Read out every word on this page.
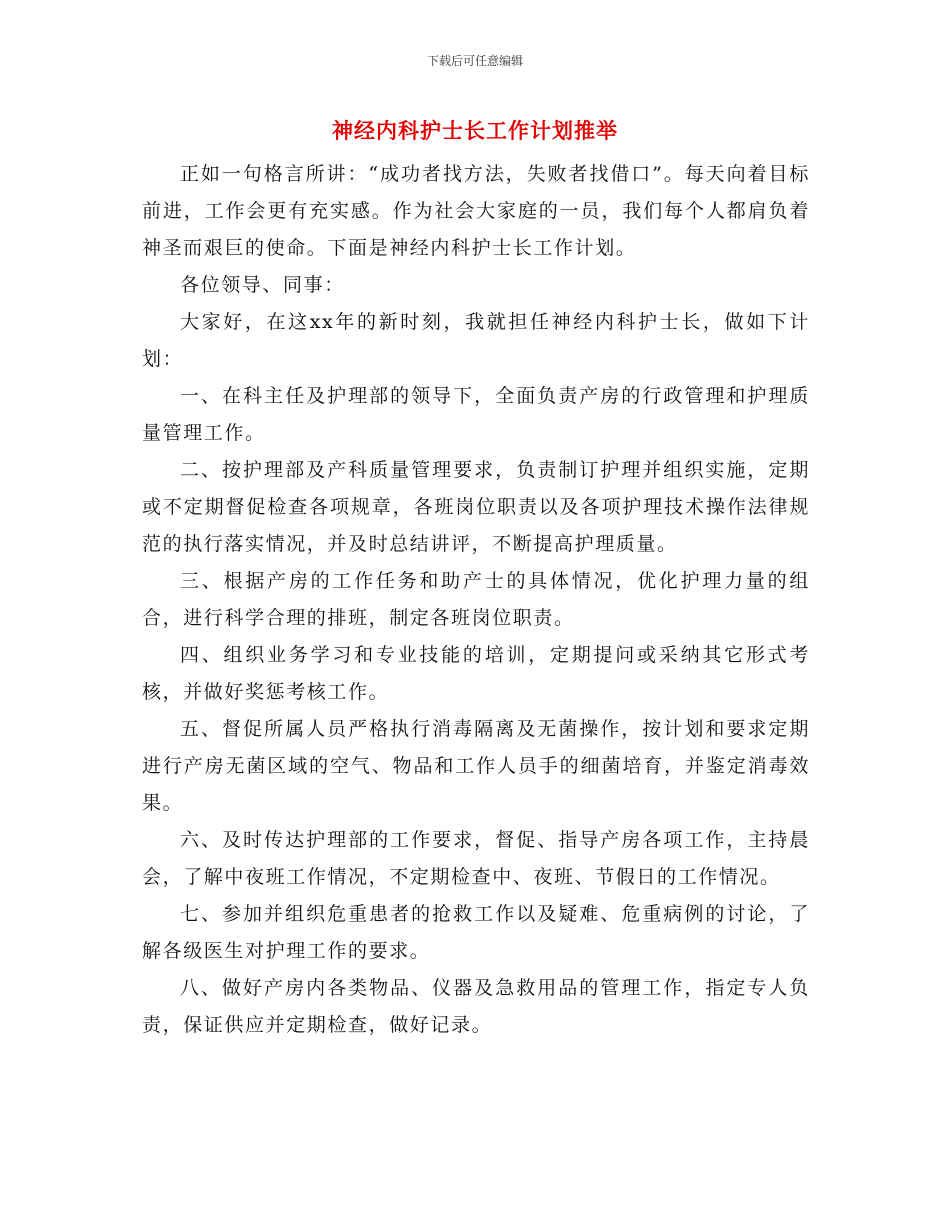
下载后可任意编辑
神经内科护士长工作计划推举

正如一句格言所讲：“成功者找方法，失败者找借口”。每天向着目标前进，工作会更有充实感。作为社会大家庭的一员，我们每个人都肩负着神圣而艰巨的使命。下面是神经内科护士长工作计划。

各位领导、同事：

大家好，在这xx年的新时刻，我就担任神经内科护士长，做如下计划：

一、在科主任及护理部的领导下，全面负责产房的行政管理和护理质量管理工作。

二、按护理部及产科质量管理要求，负责制订护理并组织实施，定期或不定期督促检查各项规章，各班岗位职责以及各项护理技术操作法律规范的执行落实情况，并及时总结讲评，不断提高护理质量。

三、根据产房的工作任务和助产士的具体情况，优化护理力量的组合，进行科学合理的排班，制定各班岗位职责。

四、组织业务学习和专业技能的培训，定期提问或采纳其它形式考核，并做好奖惩考核工作。

五、督促所属人员严格执行消毒隔离及无菌操作，按计划和要求定期进行产房无菌区域的空气、物品和工作人员手的细菌培育，并鉴定消毒效果。

六、及时传达护理部的工作要求，督促、指导产房各项工作，主持晨会，了解中夜班工作情况，不定期检查中、夜班、节假日的工作情况。

七、参加并组织危重患者的抢救工作以及疑难、危重病例的讨论，了解各级医生对护理工作的要求。

八、做好产房内各类物品、仪器及急救用品的管理工作，指定专人负责，保证供应并定期检查，做好记录。
